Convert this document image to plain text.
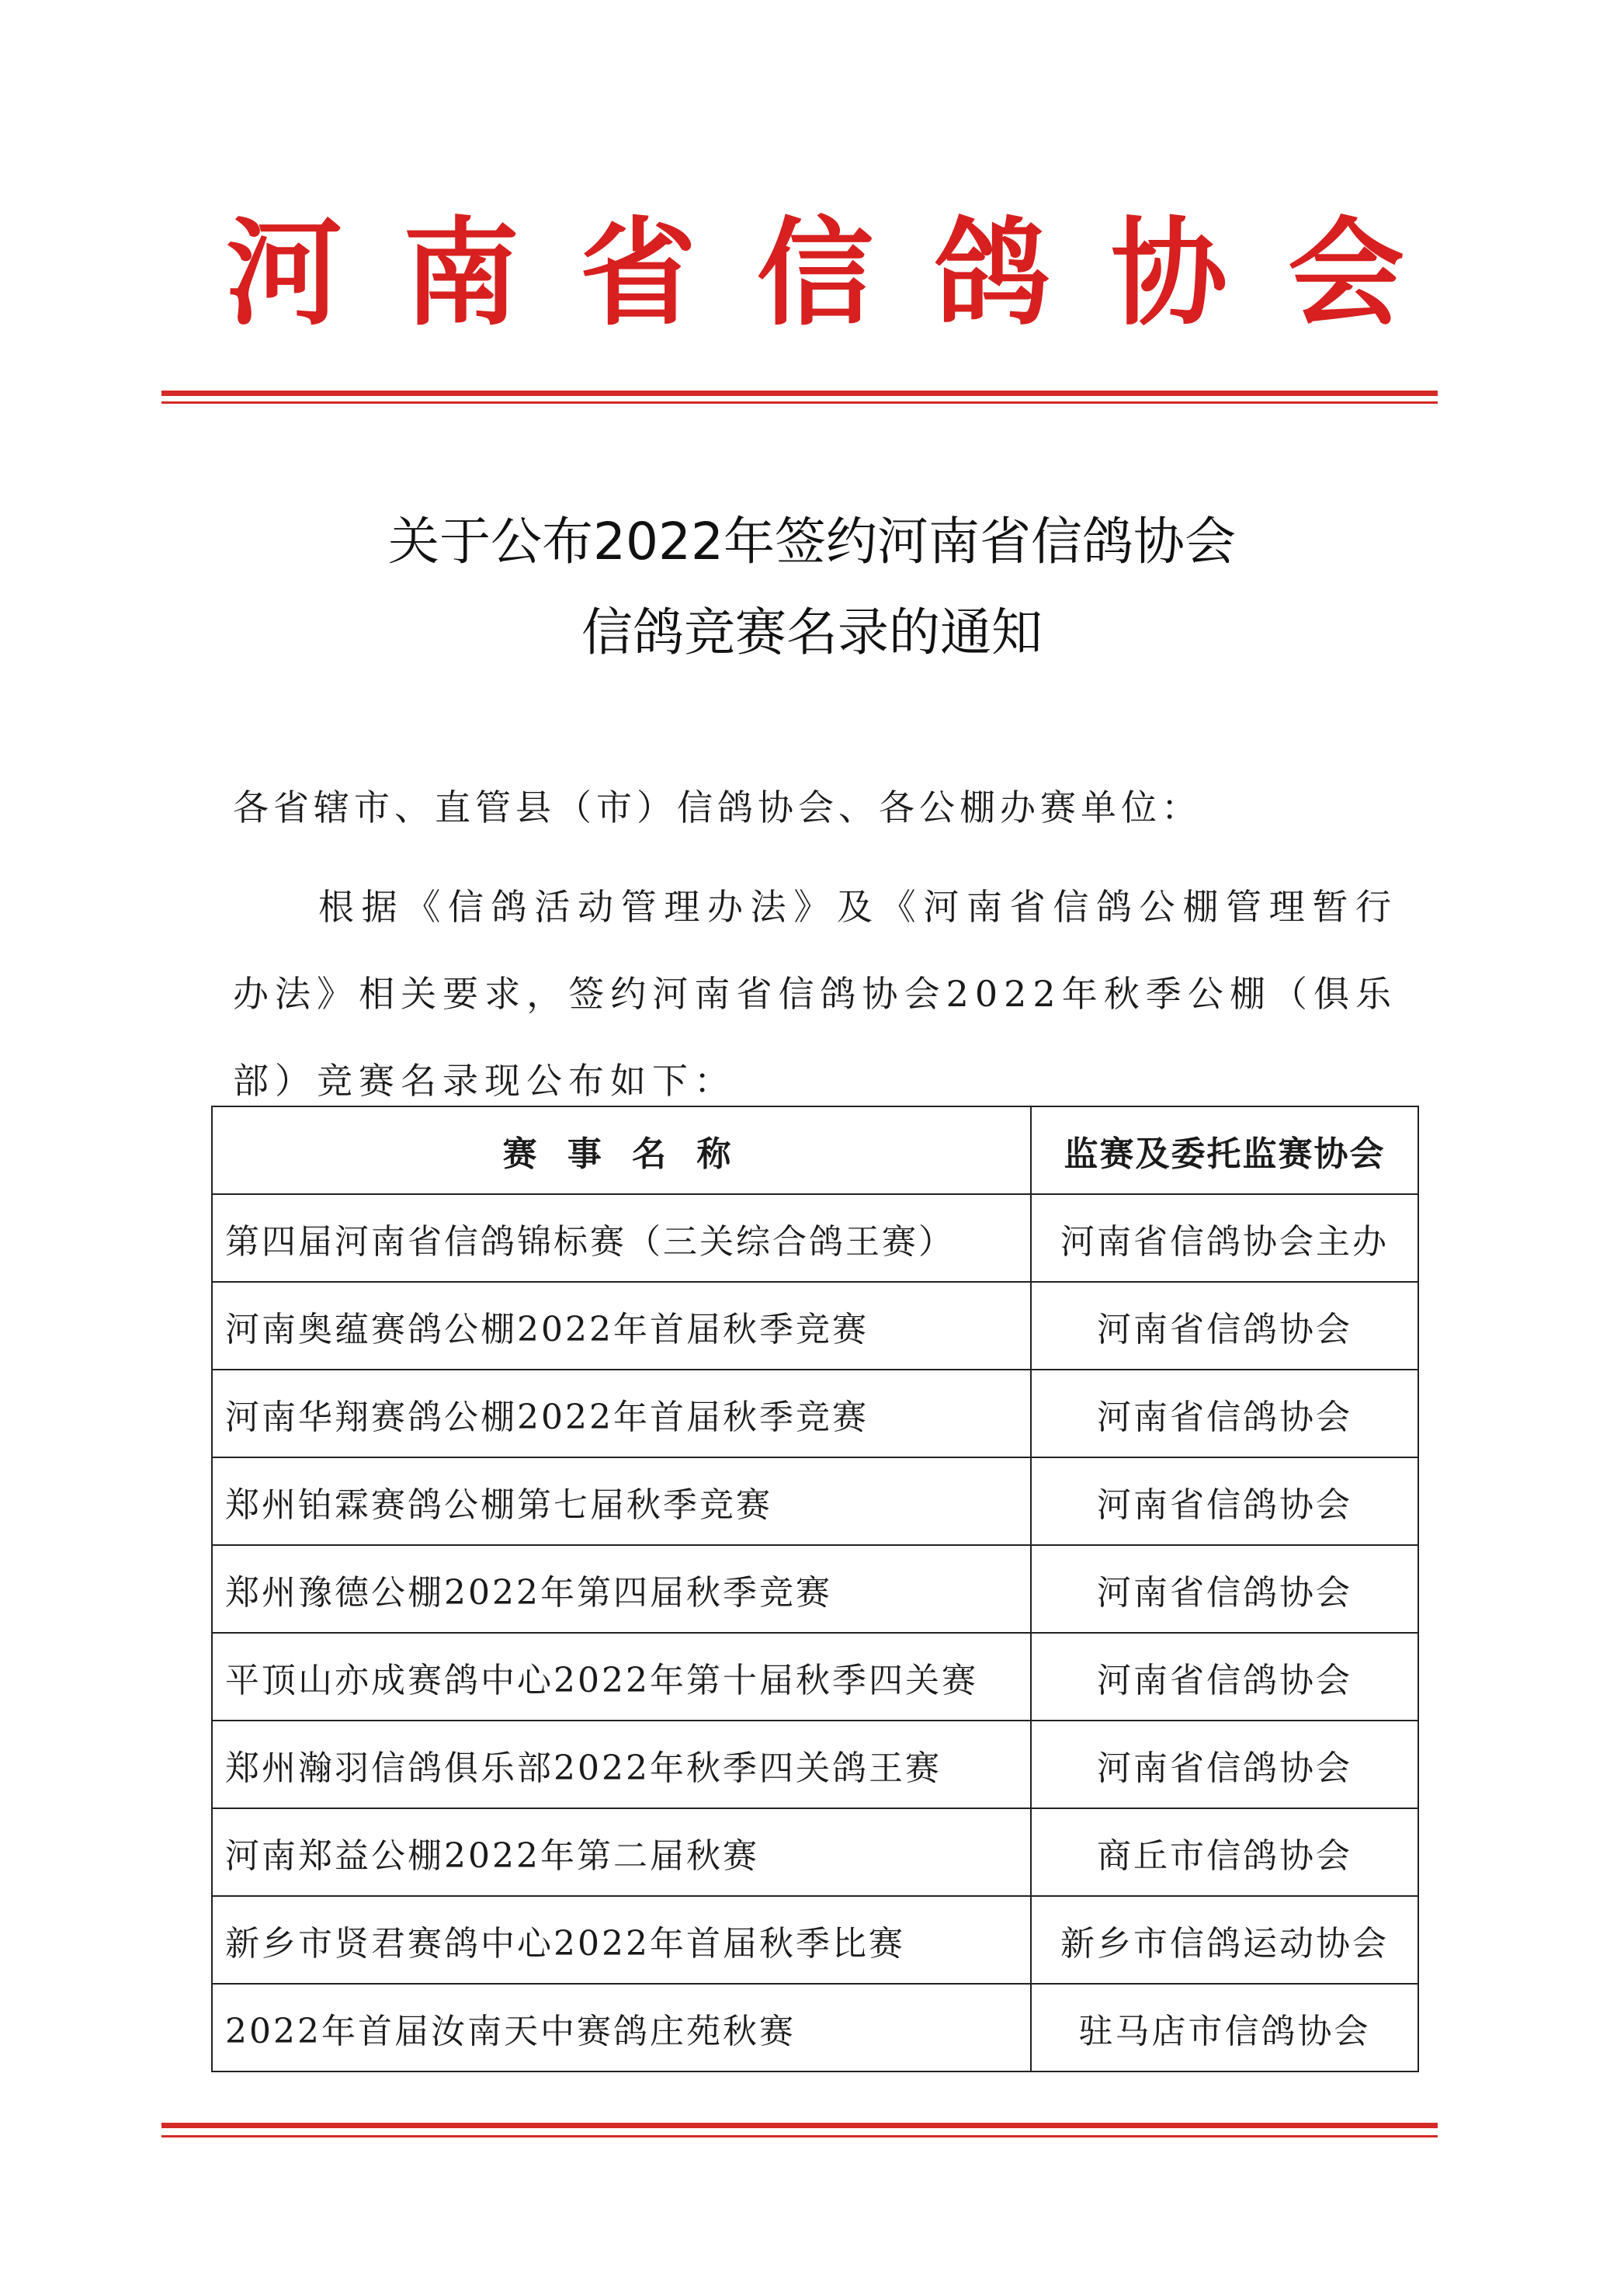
河南省信鸽协会
关于公布2022年签约河南省信鸽协会
信鸽竞赛名录的通知
各省辖市、直管县（市）信鸽协会、各公棚办赛单位：
根据《信鸽活动管理办法》及《河南省信鸽公棚管理暂行办法》相关要求，签约河南省信鸽协会2022年秋季公棚（俱乐部）竞赛名录现公布如下：
赛 事 名 称	监赛及委托监赛协会
第四届河南省信鸽锦标赛（三关综合鸽王赛）	河南省信鸽协会主办
河南奥蕴赛鸽公棚2022年首届秋季竞赛	河南省信鸽协会
河南华翔赛鸽公棚2022年首届秋季竞赛	河南省信鸽协会
郑州铂霖赛鸽公棚第七届秋季竞赛	河南省信鸽协会
郑州豫德公棚2022年第四届秋季竞赛	河南省信鸽协会
平顶山亦成赛鸽中心2022年第十届秋季四关赛	河南省信鸽协会
郑州瀚羽信鸽俱乐部2022年秋季四关鸽王赛	河南省信鸽协会
河南郑益公棚2022年第二届秋赛	商丘市信鸽协会
新乡市贤君赛鸽中心2022年首届秋季比赛	新乡市信鸽运动协会
2022年首届汝南天中赛鸽庄苑秋赛	驻马店市信鸽协会
